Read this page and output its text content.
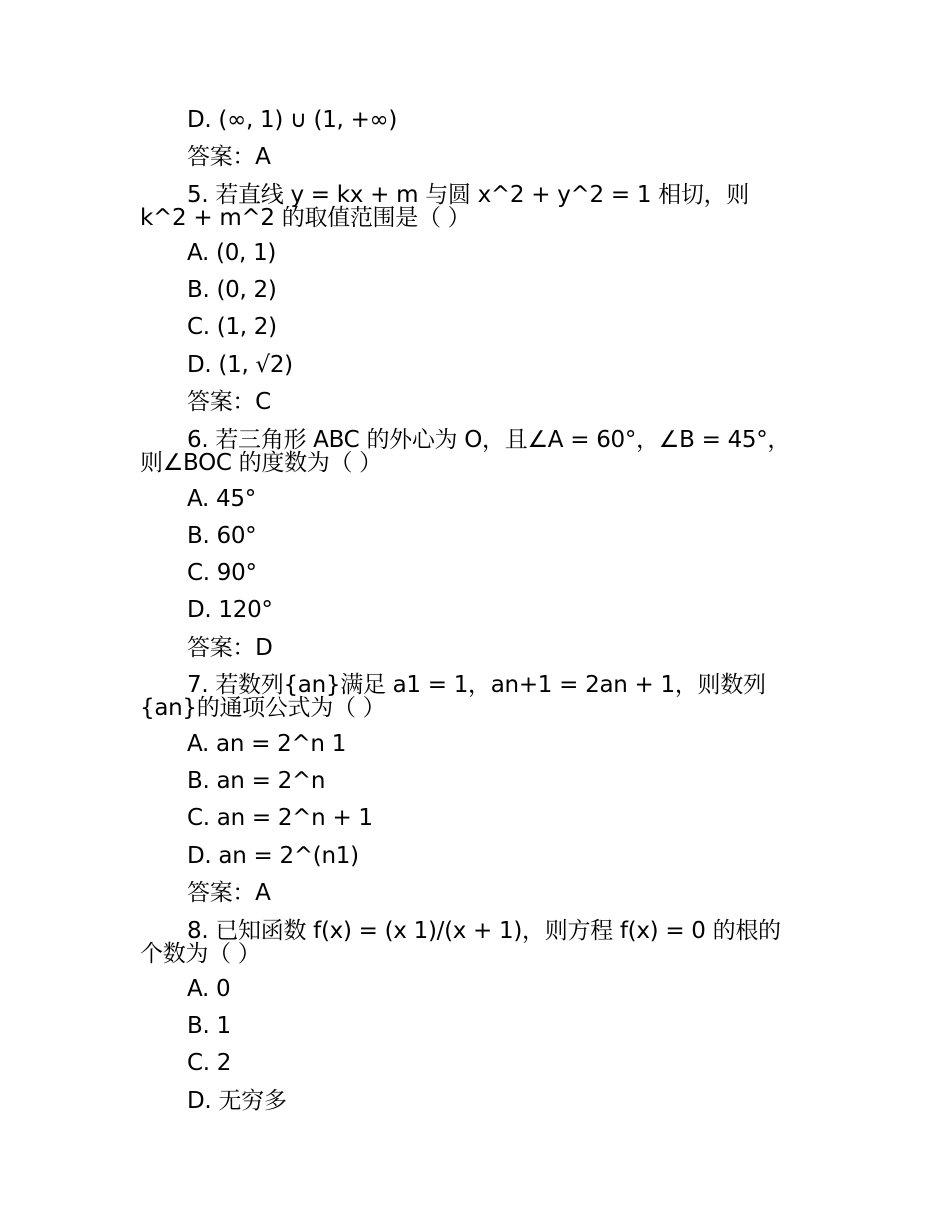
D. (∞, 1) ∪ (1, +∞)
答案：A
5. 若直线 y = kx + m 与圆 x^2 + y^2 = 1 相切，则
k^2 + m^2 的取值范围是（ ）
A. (0, 1)
B. (0, 2)
C. (1, 2)
D. (1, √2)
答案：C
6. 若三角形 ABC 的外心为 O，且∠A = 60°，∠B = 45°，
则∠BOC 的度数为（ ）
A. 45°
B. 60°
C. 90°
D. 120°
答案：D
7. 若数列{an}满足 a1 = 1，an+1 = 2an + 1，则数列
{an}的通项公式为（ ）
A. an = 2^n 1
B. an = 2^n
C. an = 2^n + 1
D. an = 2^(n1)
答案：A
8. 已知函数 f(x) = (x 1)/(x + 1)，则方程 f(x) = 0 的根的
个数为（ ）
A. 0
B. 1
C. 2
D. 无穷多
